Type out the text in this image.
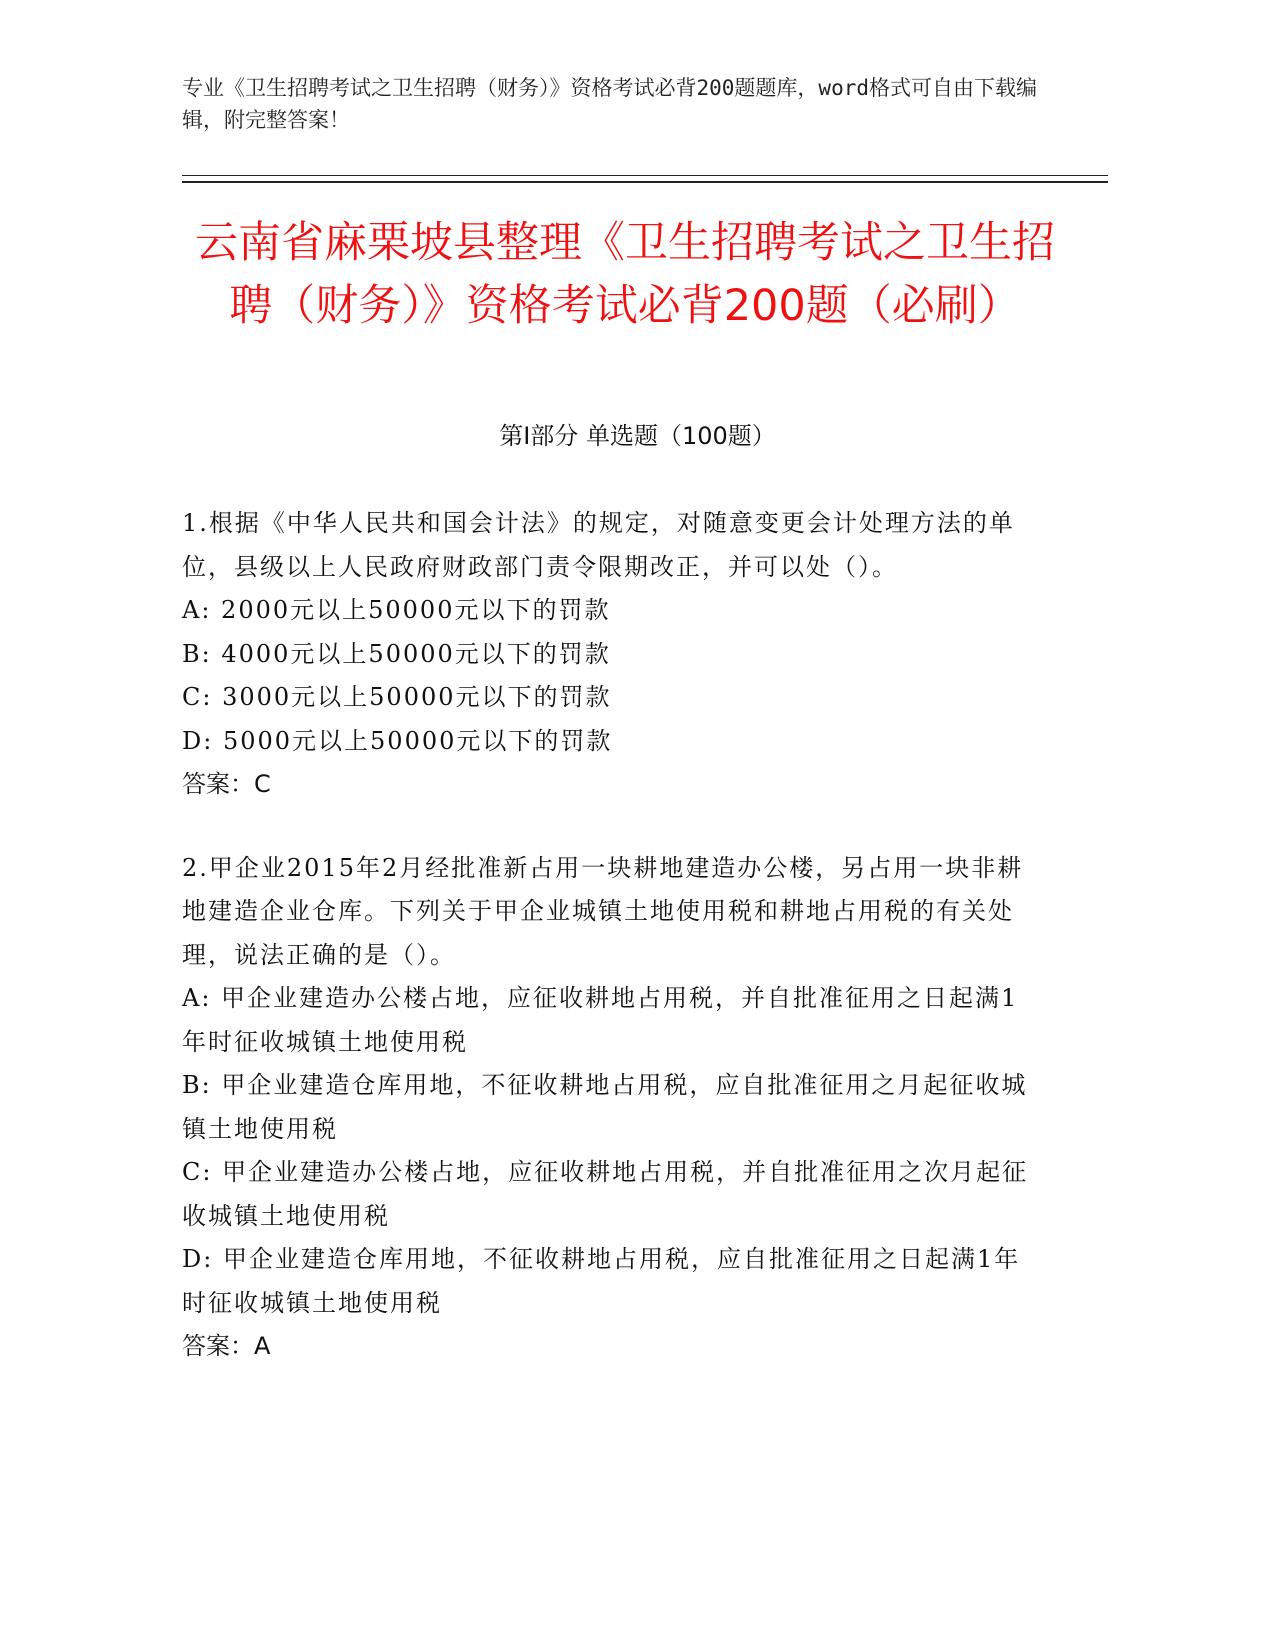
专业《卫生招聘考试之卫生招聘（财务）》资格考试必背200题题库，word格式可自由下载编辑，附完整答案！
云南省麻栗坡县整理《卫生招聘考试之卫生招聘（财务）》资格考试必背200题（必刷）
第I部分 单选题（100题）
1.根据《中华人民共和国会计法》的规定，对随意变更会计处理方法的单位，县级以上人民政府财政部门责令限期改正，并可以处（）。
A: 2000元以上50000元以下的罚款
B: 4000元以上50000元以下的罚款
C: 3000元以上50000元以下的罚款
D: 5000元以上50000元以下的罚款
答案：C
2.甲企业2015年2月经批准新占用一块耕地建造办公楼，另占用一块非耕地建造企业仓库。下列关于甲企业城镇土地使用税和耕地占用税的有关处理，说法正确的是（）。
A: 甲企业建造办公楼占地，应征收耕地占用税，并自批准征用之日起满1年时征收城镇土地使用税
B: 甲企业建造仓库用地，不征收耕地占用税，应自批准征用之月起征收城镇土地使用税
C: 甲企业建造办公楼占地，应征收耕地占用税，并自批准征用之次月起征收城镇土地使用税
D: 甲企业建造仓库用地，不征收耕地占用税，应自批准征用之日起满1年时征收城镇土地使用税
答案：A
